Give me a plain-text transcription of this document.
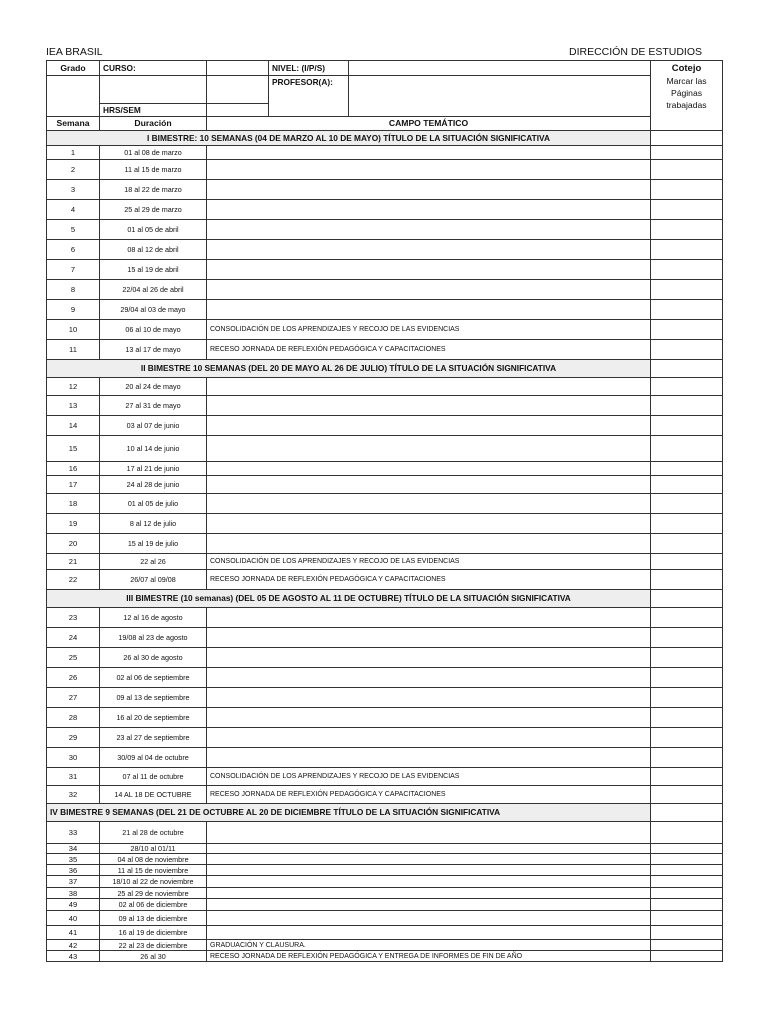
IEA BRASIL	DIRECCIÓN DE ESTUDIOS
Grado	CURSO:		NIVEL: (I/P/S)		Cotejo
Marcar las
Páginas
trabajadas
			PROFESOR(A):		
	HRS/SEM				
Semana	Duración	CAMPO TEMÁTICO			
I BIMESTRE: 10 SEMANAS (04 DE MARZO AL 10 DE MAYO) TÍTULO DE LA SITUACIÓN SIGNIFICATIVA					
1	01 al 08 de marzo				
2	11 al 15 de marzo				
3	18 al 22 de marzo				
4	25 al 29 de marzo				
5	01 al 05 de abril				
6	08 al 12 de abril				
7	15 al 19 de abril				
8	22/04 al 26 de abril				
9	29/04 al 03 de mayo				
10	06 al 10 de mayo	CONSOLIDACIÓN DE LOS APRENDIZAJES Y RECOJO DE LAS EVIDENCIAS			
11	13 al 17 de mayo	RECESO JORNADA DE REFLEXIÓN PEDAGÓGICA Y CAPACITACIONES			
II BIMESTRE 10 SEMANAS (DEL 20 DE MAYO AL 26 DE JULIO) TÍTULO DE LA SITUACIÓN SIGNIFICATIVA					
12	20 al 24 de mayo				
13	27 al 31 de mayo				
14	03 al 07 de junio				
15	10 al 14 de junio				
16	17 al 21 de junio				
17	24 al 28 de junio				
18	01 al 05 de julio				
19	8 al 12 de julio				
20	15 al 19 de julio				
21	22 al 26	CONSOLIDACIÓN DE LOS APRENDIZAJES Y RECOJO DE LAS EVIDENCIAS			
22	26/07 al 09/08	RECESO JORNADA DE REFLEXIÓN PEDAGÓGICA Y CAPACITACIONES			
III BIMESTRE (10 semanas) (DEL 05 DE AGOSTO AL 11 DE OCTUBRE) TÍTULO DE LA SITUACIÓN SIGNIFICATIVA					
23	12 al 16 de agosto				
24	19/08 al 23 de agosto				
25	26 al 30 de agosto				
26	02 al 06 de septiembre				
27	09 al 13 de septiembre				
28	16 al 20 de septiembre				
29	23 al 27 de septiembre				
30	30/09 al 04 de octubre				
31	07 al 11 de octubre	CONSOLIDACIÓN DE LOS APRENDIZAJES Y RECOJO DE LAS EVIDENCIAS			
32	14 AL 18 DE OCTUBRE	RECESO JORNADA DE REFLEXIÓN PEDAGÓGICA Y CAPACITACIONES			
IV BIMESTRE 9 SEMANAS (DEL 21 DE OCTUBRE AL 20 DE DICIEMBRE TÍTULO DE LA SITUACIÓN SIGNIFICATIVA					
33	21 al 28 de octubre				
34	28/10 al 01/11				
35	04 al 08 de noviembre				
36	11 al 15 de noviembre				
37	18/10 al 22 de noviembre				
38	25 al 29 de noviembre				
49	02 al 06 de diciembre				
40	09 al 13 de diciembre				
41	16 al 19 de diciembre				
42	22 al 23 de diciembre	GRADUACIÓN Y CLAUSURA.			
43	26 al 30	RECESO JORNADA DE REFLEXIÓN PEDAGÓGICA Y ENTREGA DE INFORMES DE FIN DE AÑO			
